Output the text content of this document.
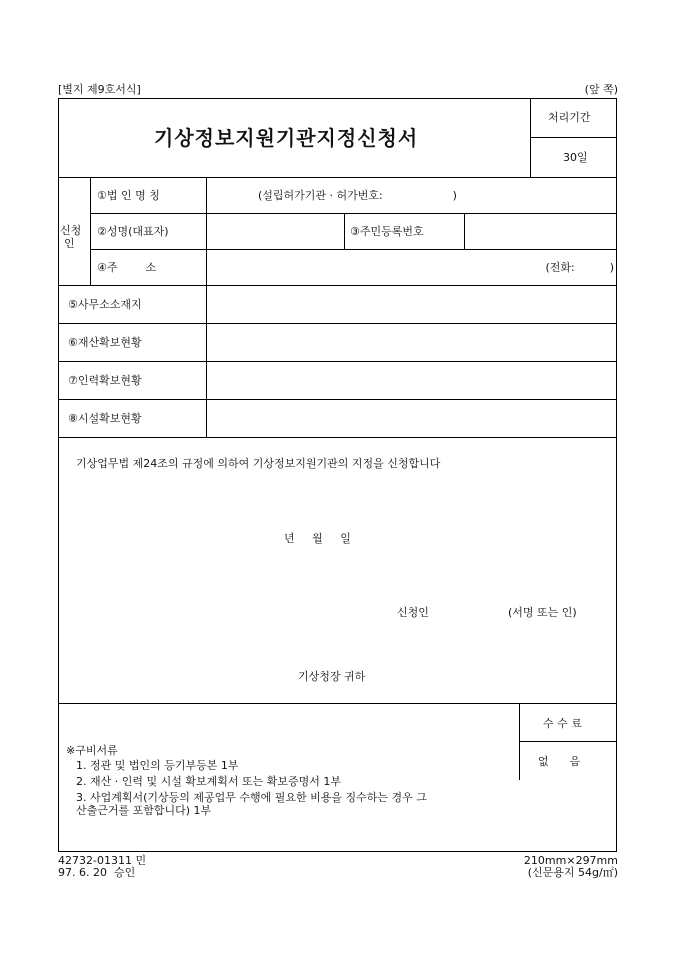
[별지 제9호서식]	(앞 쪽)
기상정보지원기관지정신청서
처리기간
30일
신청
인
①법 인 명 칭	(설립허가기관 · 허가번호:                    )
②성명(대표자)	③주민등록번호
④주        소	(전화:          )
⑤사무소소재지
⑥재산확보현황
⑦인력확보현황
⑧시설확보현황
기상업무법 제24조의 규정에 의하여 기상정보지원기관의 지정을 신청합니다
년     월     일
신청인	(서명 또는 인)
기상청장 귀하
※구비서류
1. 정관 및 법인의 등기부등본 1부
2. 재산 · 인력 및 시설 확보계획서 또는 확보증명서 1부
3. 사업계획서(기상등의 제공업무 수행에 필요한 비용을 징수하는 경우 그
산출근거를 포함합니다) 1부
수 수 료
없      음
42732-01311 민
97. 6. 20  승인
210mm×297mm
(신문용지 54g/㎡)
